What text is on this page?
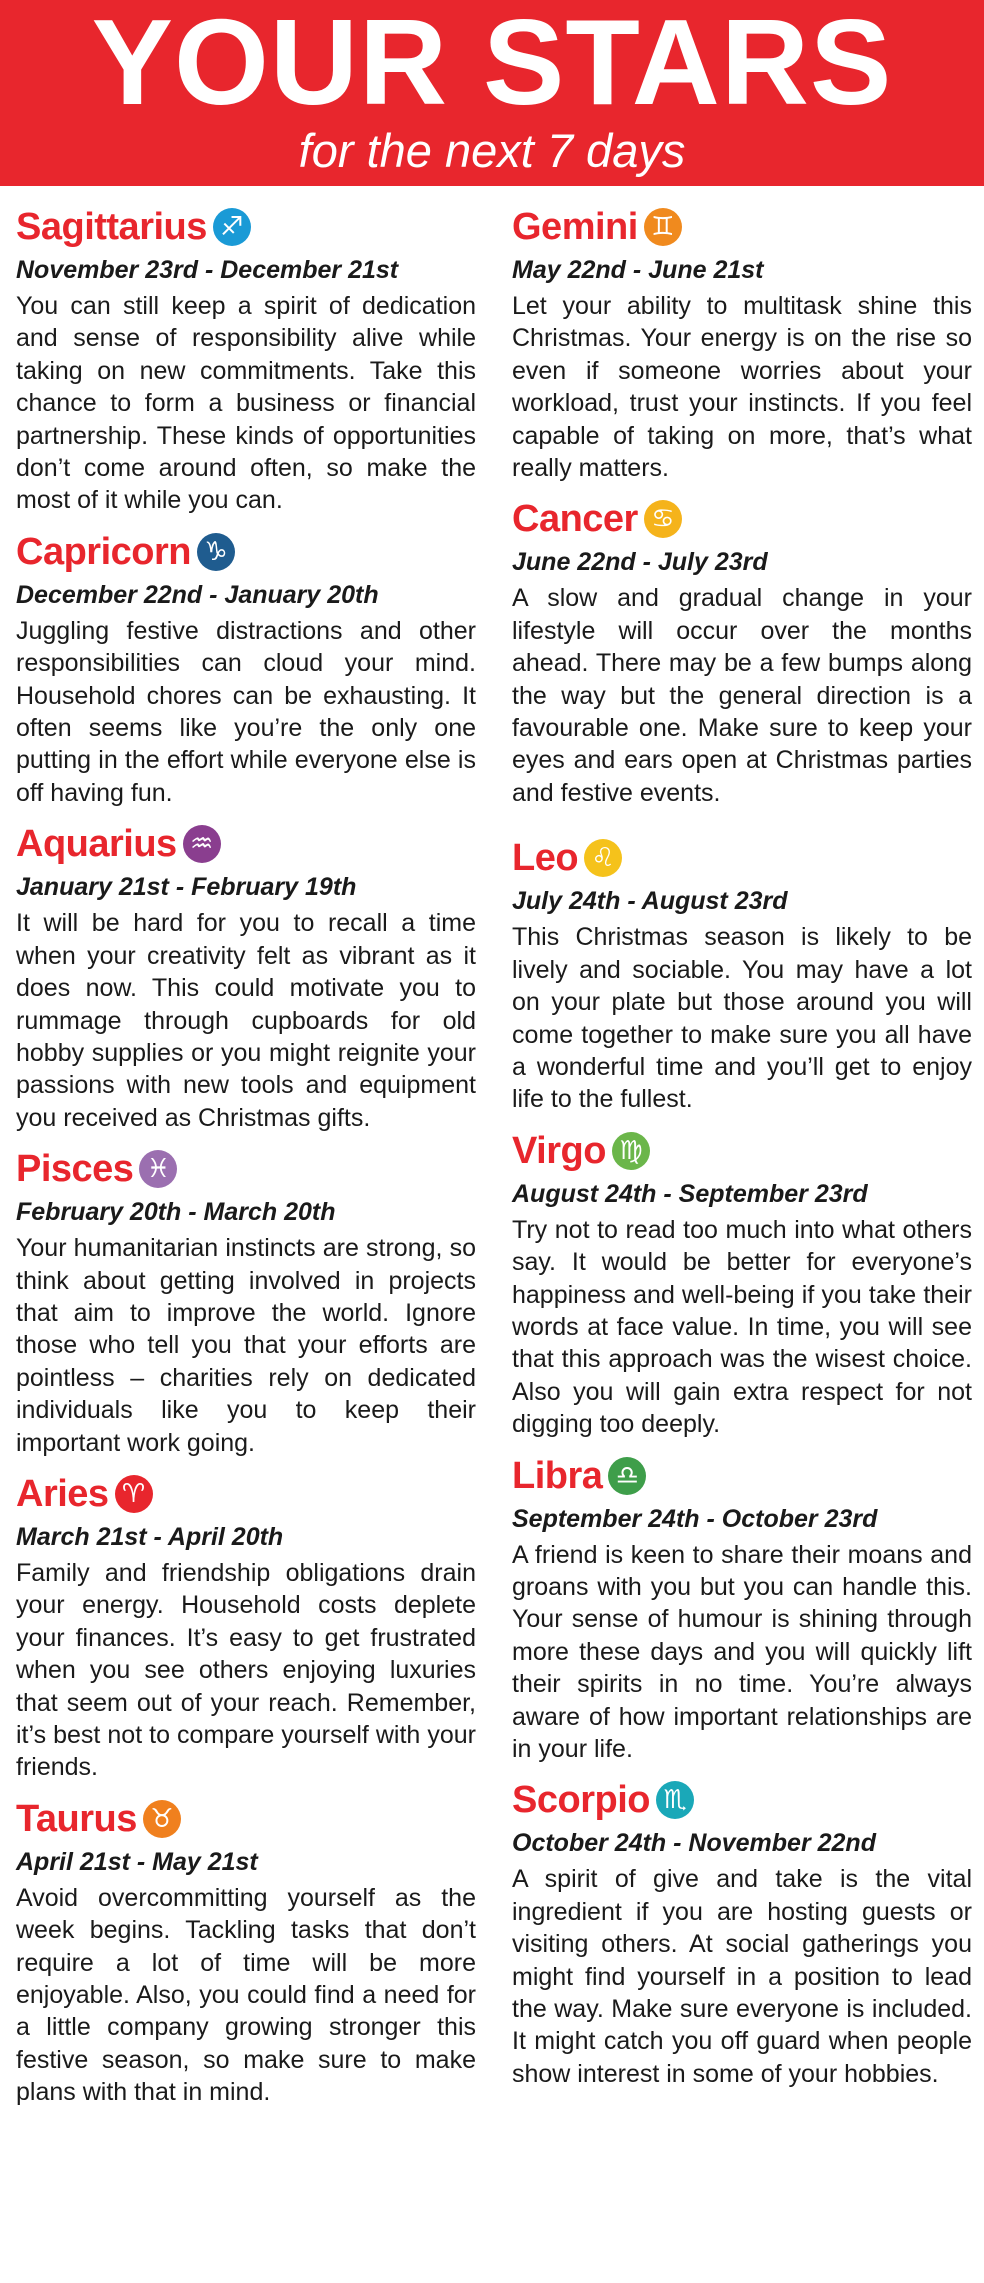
YOUR STARS
for the next 7 days
Sagittarius ♐
November 23rd - December 21st
You can still keep a spirit of dedication and sense of responsibility alive while taking on new commitments. Take this chance to form a business or financial partnership. These kinds of opportunities don’t come around often, so make the most of it while you can.
Capricorn ♑
December 22nd - January 20th
Juggling festive distractions and other responsibilities can cloud your mind. Household chores can be exhausting. It often seems like you’re the only one putting in the effort while everyone else is off having fun.
Aquarius ♒
January 21st - February 19th
It will be hard for you to recall a time when your creativity felt as vibrant as it does now. This could motivate you to rummage through cupboards for old hobby supplies or you might reignite your passions with new tools and equipment you received as Christmas gifts.
Pisces ♓
February 20th - March 20th
Your humanitarian instincts are strong, so think about getting involved in projects that aim to improve the world. Ignore those who tell you that your efforts are pointless – charities rely on dedicated individuals like you to keep their important work going.
Aries ♈
March 21st - April 20th
Family and friendship obligations drain your energy. Household costs deplete your finances. It’s easy to get frustrated when you see others enjoying luxuries that seem out of your reach. Remember, it’s best not to compare yourself with your friends.
Taurus ♉
April 21st - May 21st
Avoid overcommitting yourself as the week begins. Tackling tasks that don’t require a lot of time will be more enjoyable. Also, you could find a need for a little company growing stronger this festive season, so make sure to make plans with that in mind.
Gemini ♊
May 22nd - June 21st
Let your ability to multitask shine this Christmas. Your energy is on the rise so even if someone worries about your workload, trust your instincts. If you feel capable of taking on more, that’s what really matters.
Cancer ♋
June 22nd - July 23rd
A slow and gradual change in your lifestyle will occur over the months ahead. There may be a few bumps along the way but the general direction is a favourable one. Make sure to keep your eyes and ears open at Christmas parties and festive events.
Leo ♌
July 24th - August 23rd
This Christmas season is likely to be lively and sociable. You may have a lot on your plate but those around you will come together to make sure you all have a wonderful time and you’ll get to enjoy life to the fullest.
Virgo ♍
August 24th - September 23rd
Try not to read too much into what others say. It would be better for everyone’s happiness and well-being if you take their words at face value. In time, you will see that this approach was the wisest choice. Also you will gain extra respect for not digging too deeply.
Libra ♎
September 24th - October 23rd
A friend is keen to share their moans and groans with you but you can handle this. Your sense of humour is shining through more these days and you will quickly lift their spirits in no time. You’re always aware of how important relationships are in your life.
Scorpio ♏
October 24th - November 22nd
A spirit of give and take is the vital ingredient if you are hosting guests or visiting others. At social gatherings you might find yourself in a position to lead the way. Make sure everyone is included. It might catch you off guard when people show interest in some of your hobbies.
